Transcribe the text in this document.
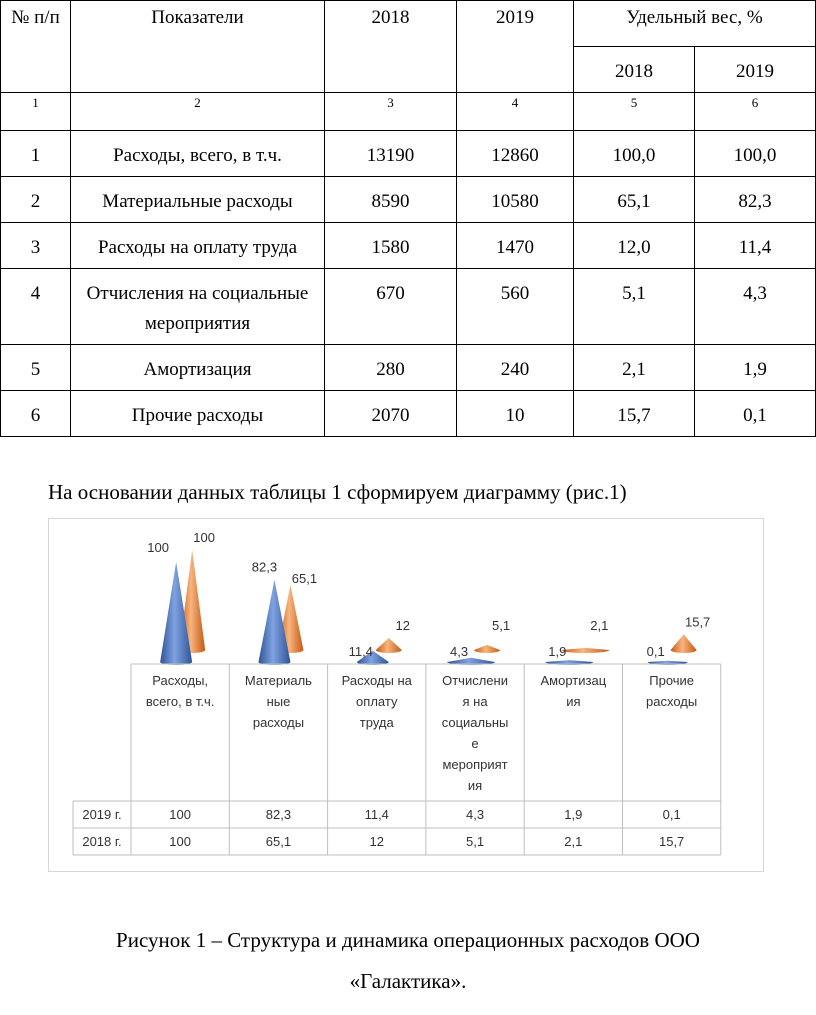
№ п/п	Показатели	2018	2019	Удельный вес, %	
				2018	2019
1	2	3	4	5	6
1	Расходы, всего, в т.ч.	13190	12860	100,0	100,0
2	Материальные расходы	8590	10580	65,1	82,3
3	Расходы на оплату труда	1580	1470	12,0	11,4
4	Отчисления на социальные мероприятия	670	560	5,1	4,3
5	Амортизация	280	240	2,1	1,9
6	Прочие расходы	2070	10	15,7	0,1
На основании данных таблицы 1 сформируем диаграмму (рис.1)
100
65,1
12	5,1	2,1	15,7
100
82,3
11,4	4,3	1,9	0,1
Расходы, всего, в т.ч.
Материаль ные расходы
Расходы на оплату труда
Отчислени я на социальны е мероприят ия
Амортизац ия
Прочие расходы
2019 г.	100	82,3	11,4	4,3	1,9	0,1
2018 г.	100	65,1	12	5,1	2,1	15,7
Рисунок 1 – Структура и динамика операционных расходов ООО
«Галактика».
